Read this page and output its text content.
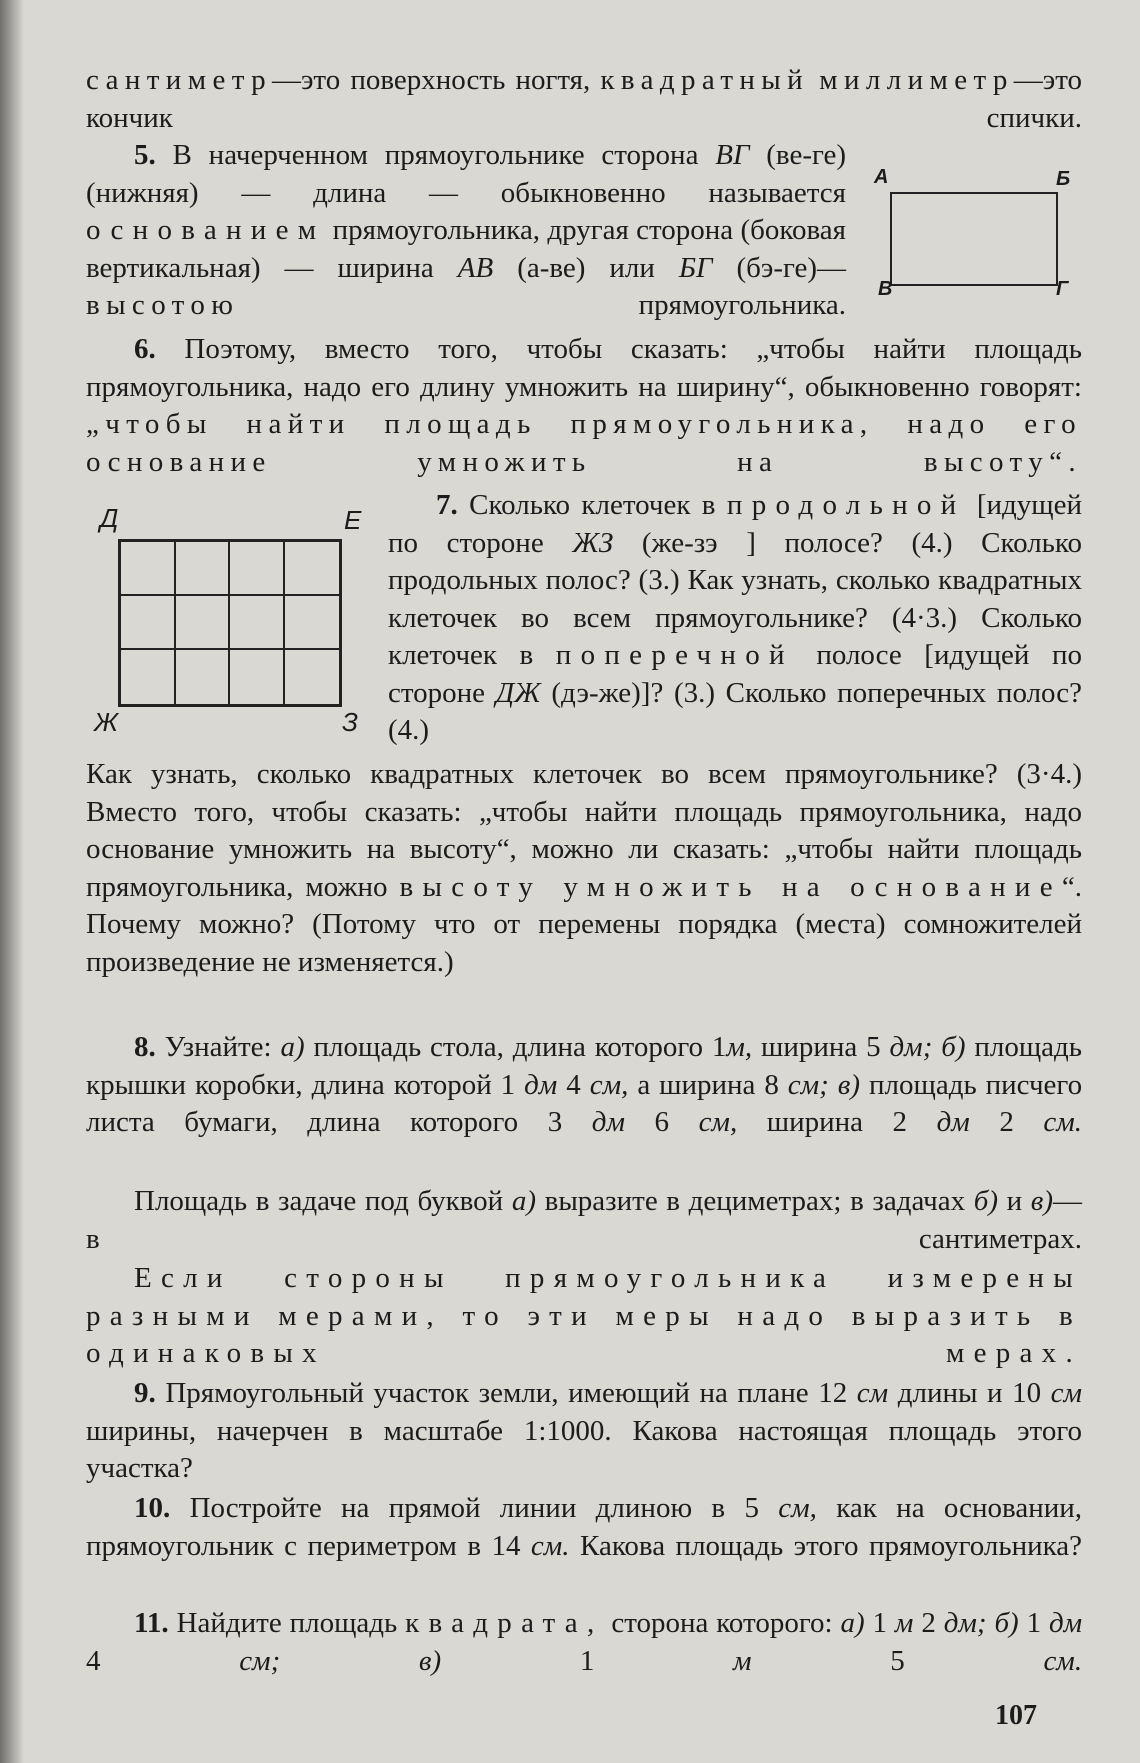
сантиметр—это поверхность ногтя, квадратный миллиметр—это кончик спички.
5. В начерченном прямоугольнике сторона ВГ (ве-ге) (нижняя) — длина — обыкновенно называется основанием прямоугольника, другая сторона (боковая вертикальная) — ширина АВ (а-ве) или БГ (бэ-ге)—высотою	прямоугольника.
А	Б
В	Г
6. Поэтому, вместо того, чтобы сказать: „чтобы найти площадь прямоугольника, надо его длину умножить на ширину“, обыкновенно говорят: „чтобы найти площадь прямоугольника, надо его основание умножить на высоту“.
Д	Е
Ж	З
7. Сколько клеточек в продольной [идущей по стороне ЖЗ (же-зэ ] полосе? (4.) Сколько продольных полос? (3.) Как узнать, сколько квадратных клеточек во всем прямоугольнике? (4·3.) Сколько клеточек в поперечной полосе [идущей по стороне ДЖ (дэ-же)]? (3.) Сколько поперечных полос? (4.)
Как узнать, сколько квадратных клеточек во всем прямоугольнике? (3·4.) Вместо того, чтобы сказать: „чтобы найти площадь прямоугольника, надо основание умножить на высоту“, можно ли сказать: „чтобы найти площадь прямоугольника, можно высоту умножить на основание“. Почему можно? (Потому что от перемены порядка (места) сомножителей произведение не изменяется.)
8. Узнайте: а) площадь стола, длина которого 1м, ширина 5 дм; б) площадь крышки коробки, длина которой 1 дм 4 см, а ширина 8 см; в) площадь писчего листа бумаги, длина которого 3 дм 6 см, ширина 2 дм 2 см.
Площадь в задаче под буквой а) выразите в дециметрах; в задачах б) и в)— в сантиметрах.
Если стороны прямоугольника измерены разными мерами, то эти меры надо выразить в одинаковых мерах.
9. Прямоугольный участок земли, имеющий на плане 12 см длины и 10 см ширины, начерчен в масштабе 1:1000. Какова настоящая площадь этого участка?
10. Постройте на прямой линии длиною в 5 см, как на основании, прямоугольник с периметром в 14 см. Какова площадь этого прямоугольника?
11. Найдите площадь квадрата, сторона которого: а) 1 м 2 дм; б) 1 дм 4	см;	в)	1	м	5	см.
107
